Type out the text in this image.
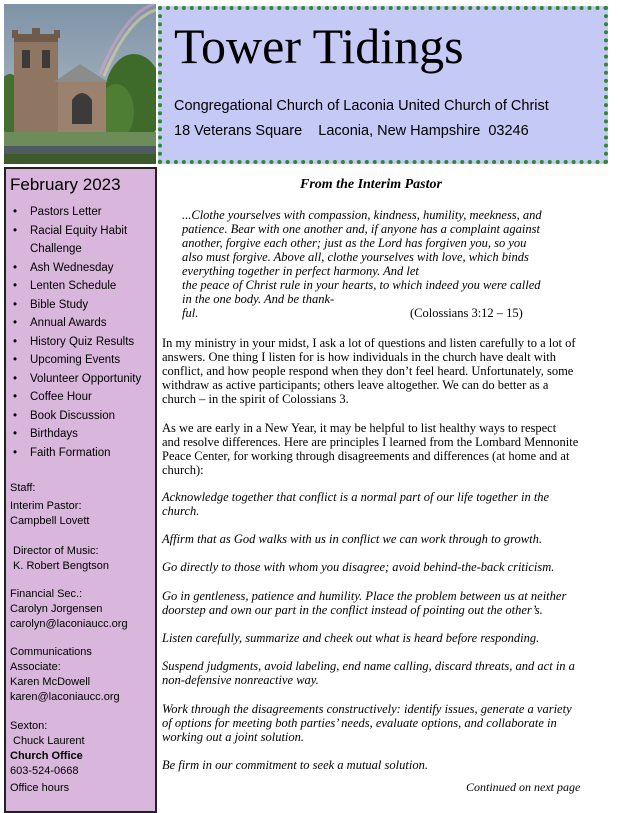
Tower Tidings
Congregational Church of Laconia United Church of Christ
18 Veterans Square    Laconia, New Hampshire  03246
February 2023
• Pastors Letter
• Racial Equity Habit Challenge
• Ash Wednesday
• Lenten Schedule
• Bible Study
• Annual Awards
• History Quiz Results
• Upcoming Events
• Volunteer Opportunity
• Coffee Hour
• Book Discussion
• Birthdays
• Faith Formation
Staff:
Interim Pastor:
Campbell Lovett
Director of Music:
K. Robert Bengtson
Financial Sec.:
Carolyn Jorgensen
carolyn@laconiaucc.org
Communications
Associate:
Karen McDowell
karen@laconiaucc.org
Sexton:
Chuck Laurent
Church Office
603-524-0668
Office hours
From the Interim Pastor
...Clothe yourselves with compassion, kindness, humility, meekness, and
patience. Bear with one another and, if anyone has a complaint against
another, forgive each other; just as the Lord has forgiven you, so you
also must forgive. Above all, clothe yourselves with love, which binds
everything together in perfect harmony. And let
the peace of Christ rule in your hearts, to which indeed you were called
in the one body. And be thank-
ful.	(Colossians 3:12 – 15)
In my ministry in your midst, I ask a lot of questions and listen carefully to a lot of
answers. One thing I listen for is how individuals in the church have dealt with
conflict, and how people respond when they don’t feel heard. Unfortunately, some
withdraw as active participants; others leave altogether. We can do better as a
church – in the spirit of Colossians 3.
As we are early in a New Year, it may be helpful to list healthy ways to respect
and resolve differences. Here are principles I learned from the Lombard Mennonite
Peace Center, for working through disagreements and differences (at home and at
church):
Acknowledge together that conflict is a normal part of our life together in the
church.
Affirm that as God walks with us in conflict we can work through to growth.
Go directly to those with whom you disagree; avoid behind-the-back criticism.
Go in gentleness, patience and humility. Place the problem between us at neither
doorstep and own our part in the conflict instead of pointing out the other’s.
Listen carefully, summarize and cheek out what is heard before responding.
Suspend judgments, avoid labeling, end name calling, discard threats, and act in a
non-defensive nonreactive way.
Work through the disagreements constructively: identify issues, generate a variety
of options for meeting both parties’ needs, evaluate options, and collaborate in
working out a joint solution.
Be firm in our commitment to seek a mutual solution.
Continued on next page
